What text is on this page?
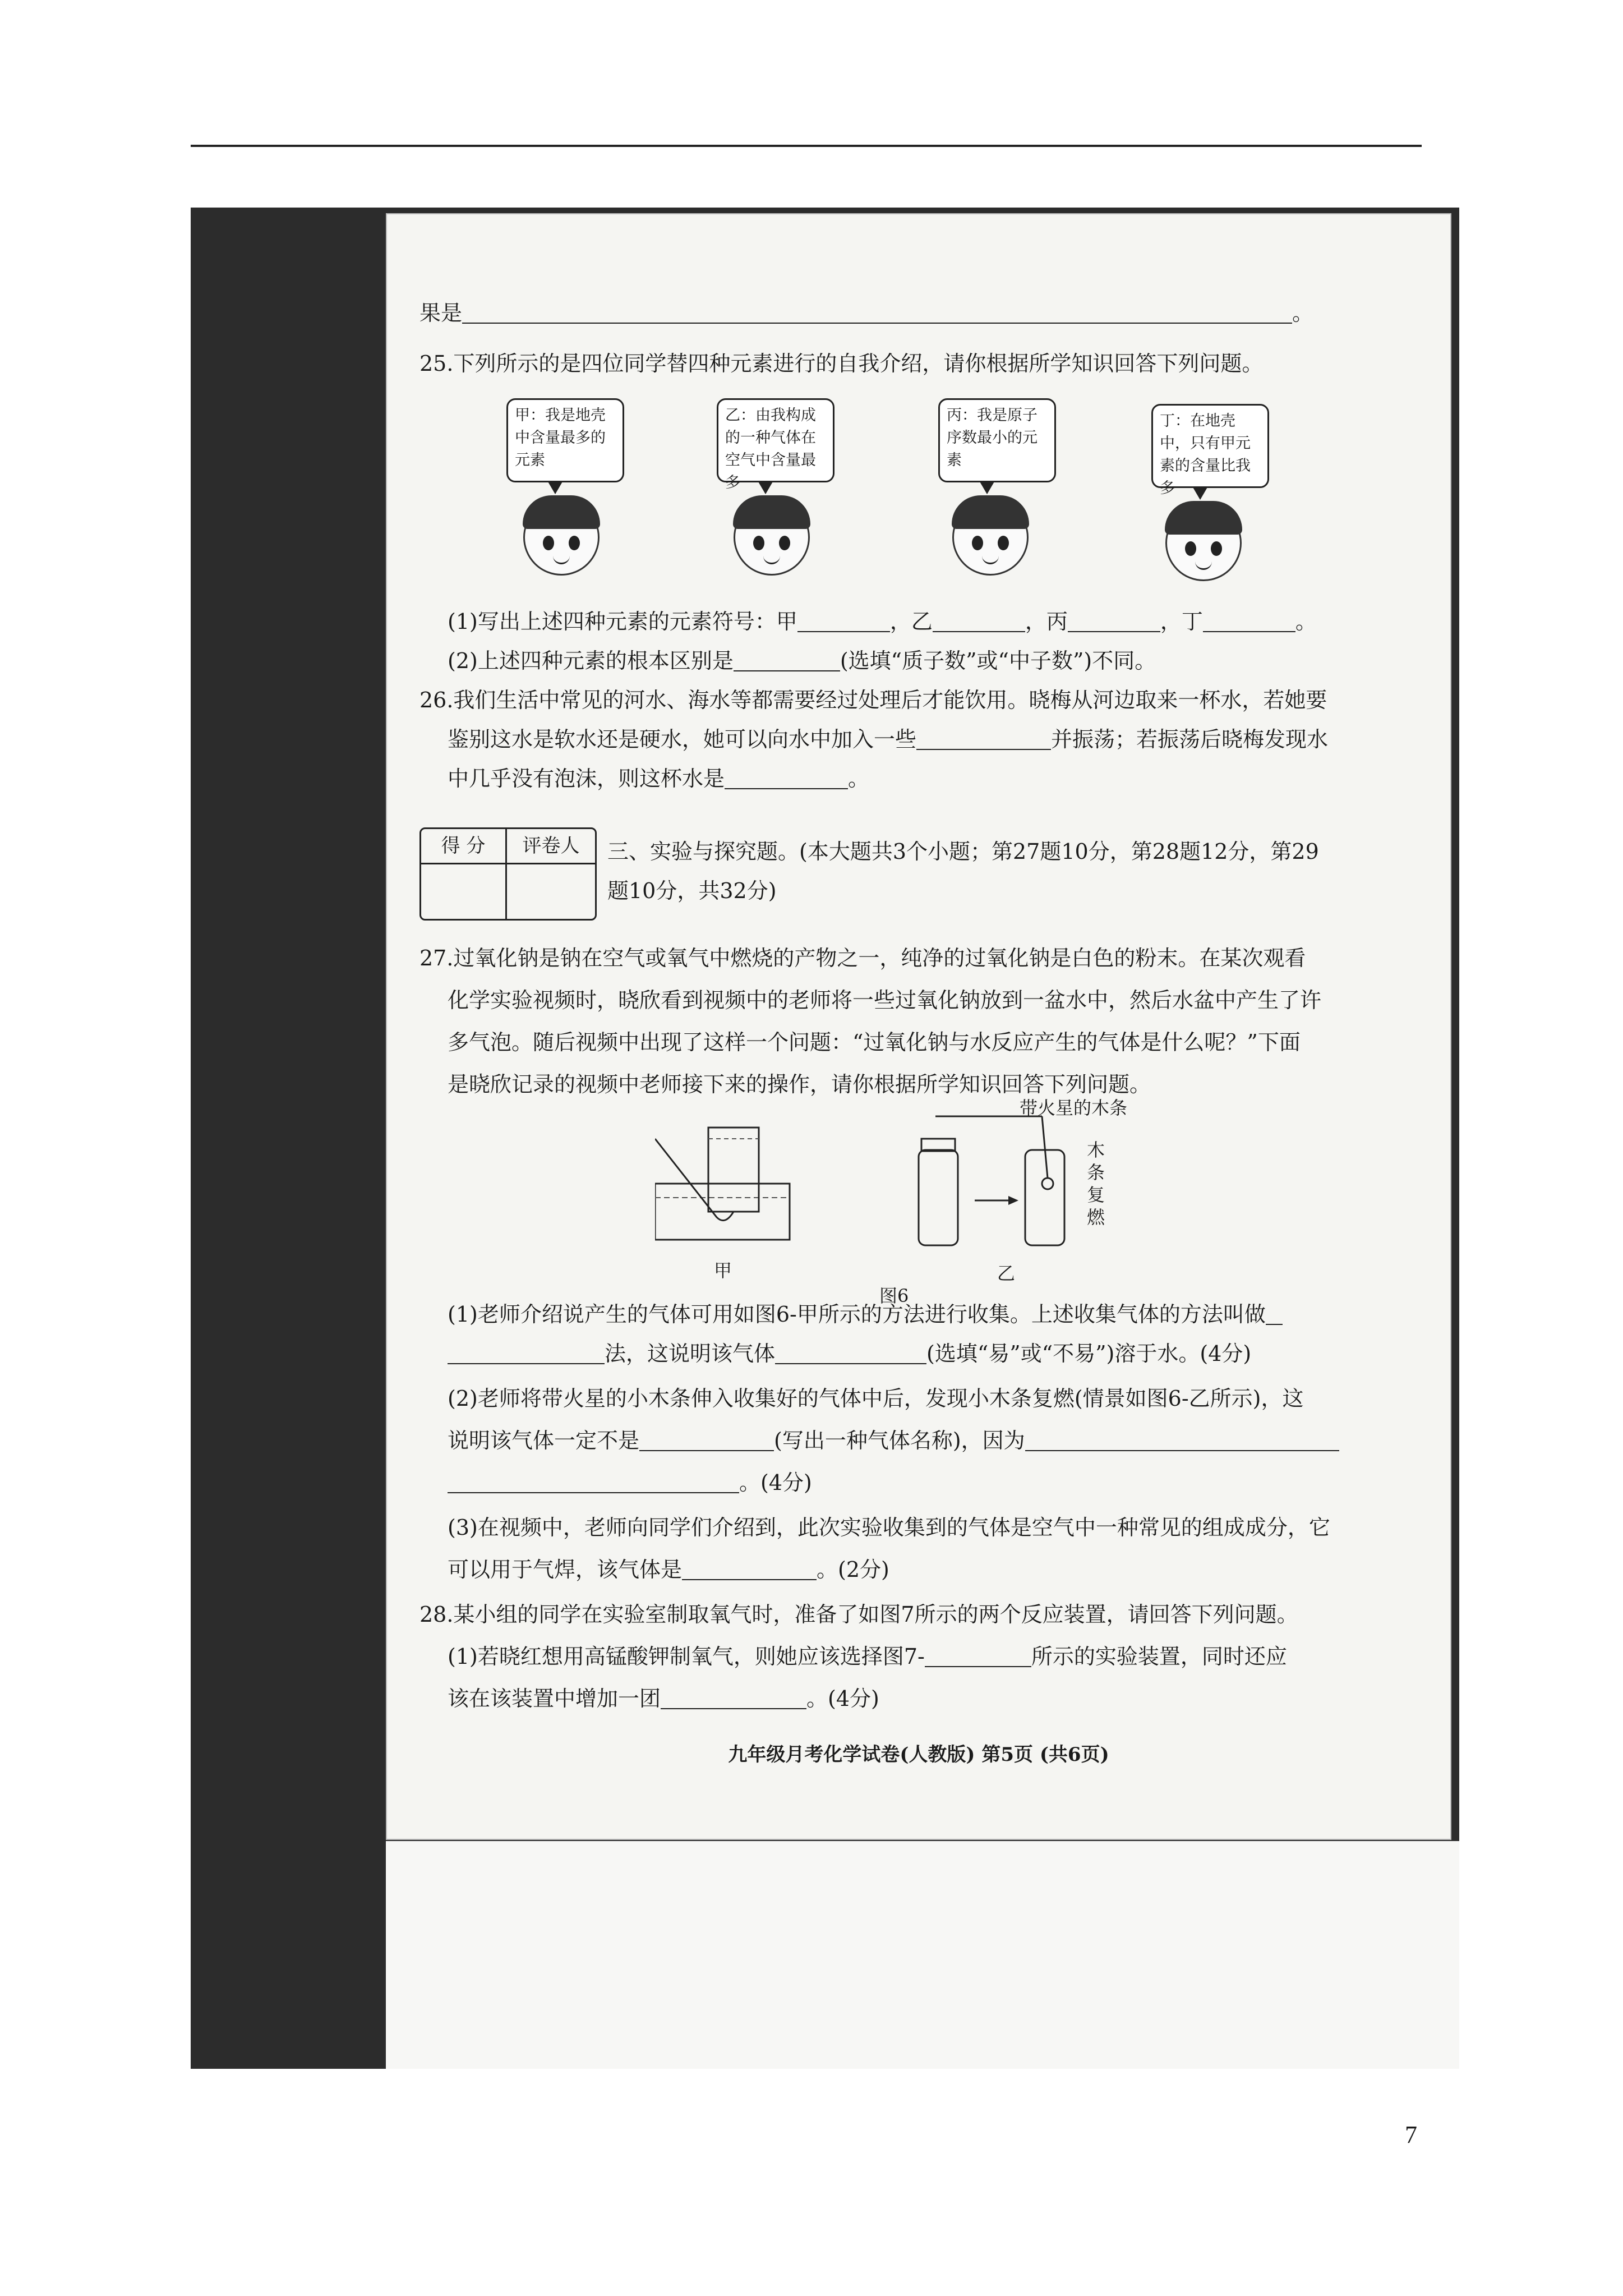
果是	。
25.下列所示的是四位同学替四种元素进行的自我介绍，请你根据所学知识回答下列问题。
甲：我是地壳中含量最多的元素
乙：由我构成的一种气体在空气中含量最多
丙：我是原子序数最小的元素
丁：在地壳中，只有甲元素的含量比我多
(1)写出上述四种元素的元素符号：甲	，乙	，丙	，丁	。
(2)上述四种元素的根本区别是	(选填“质子数”或“中子数”)不同。
26.我们生活中常见的河水、海水等都需要经过处理后才能饮用。晓梅从河边取来一杯水，若她要
鉴别这水是软水还是硬水，她可以向水中加入一些	并振荡；若振荡后晓梅发现水
中几乎没有泡沫，则这杯水是	。
得 分	评卷人	三、实验与探究题。(本大题共3个小题；第27题10分，第28题12分，第29
题10分，共32分)
27.过氧化钠是钠在空气或氧气中燃烧的产物之一，纯净的过氧化钠是白色的粉末。在某次观看
化学实验视频时，晓欣看到视频中的老师将一些过氧化钠放到一盆水中，然后水盆中产生了许
多气泡。随后视频中出现了这样一个问题：“过氧化钠与水反应产生的气体是什么呢？”下面
是晓欣记录的视频中老师接下来的操作，请你根据所学知识回答下列问题。
带火星的木条
木条复燃
甲	乙
图6
(1)老师介绍说产生的气体可用如图6-甲所示的方法进行收集。上述收集气体的方法叫做
法，这说明该气体	(选填“易”或“不易”)溶于水。(4分)
(2)老师将带火星的小木条伸入收集好的气体中后，发现小木条复燃(情景如图6-乙所示)，这
说明该气体一定不是	(写出一种气体名称)，因为
。(4分)
(3)在视频中，老师向同学们介绍到，此次实验收集到的气体是空气中一种常见的组成成分，它
可以用于气焊，该气体是	。(2分)
28.某小组的同学在实验室制取氧气时，准备了如图7所示的两个反应装置，请回答下列问题。
(1)若晓红想用高锰酸钾制氧气，则她应该选择图7-	所示的实验装置，同时还应
该在该装置中增加一团	。(4分)
九年级月考化学试卷(人教版) 第5页 (共6页)
7
